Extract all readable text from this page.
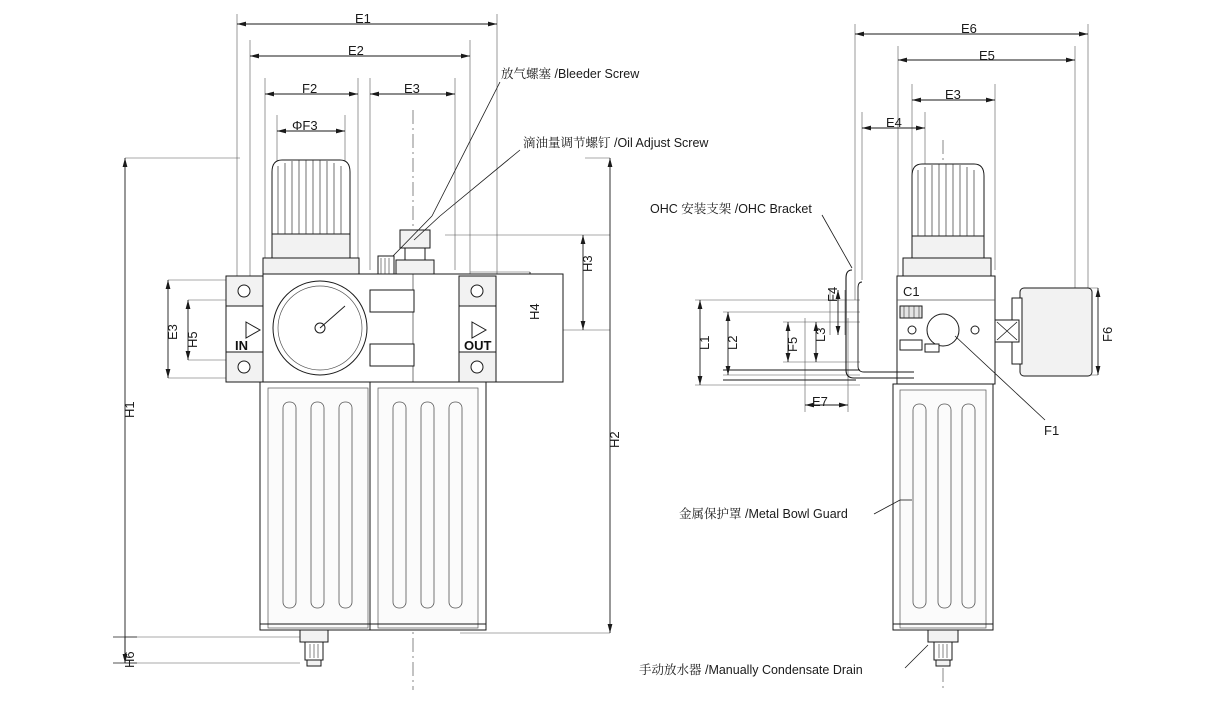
E1
E2
F2	E3
ΦF3
E3 H5
H1
H2
H3
H4
H6
IN	OUT
放气螺塞 /Bleeder Screw
滴油量调节螺钉 /Oil Adjust Screw
E6
E5
E3
E4
E7
L1 L2
L3
F4
F5
F6
F1
C1
OHC 安装支架 /OHC Bracket
金属保护罩 /Metal Bowl Guard
手动放水器 /Manually Condensate Drain
